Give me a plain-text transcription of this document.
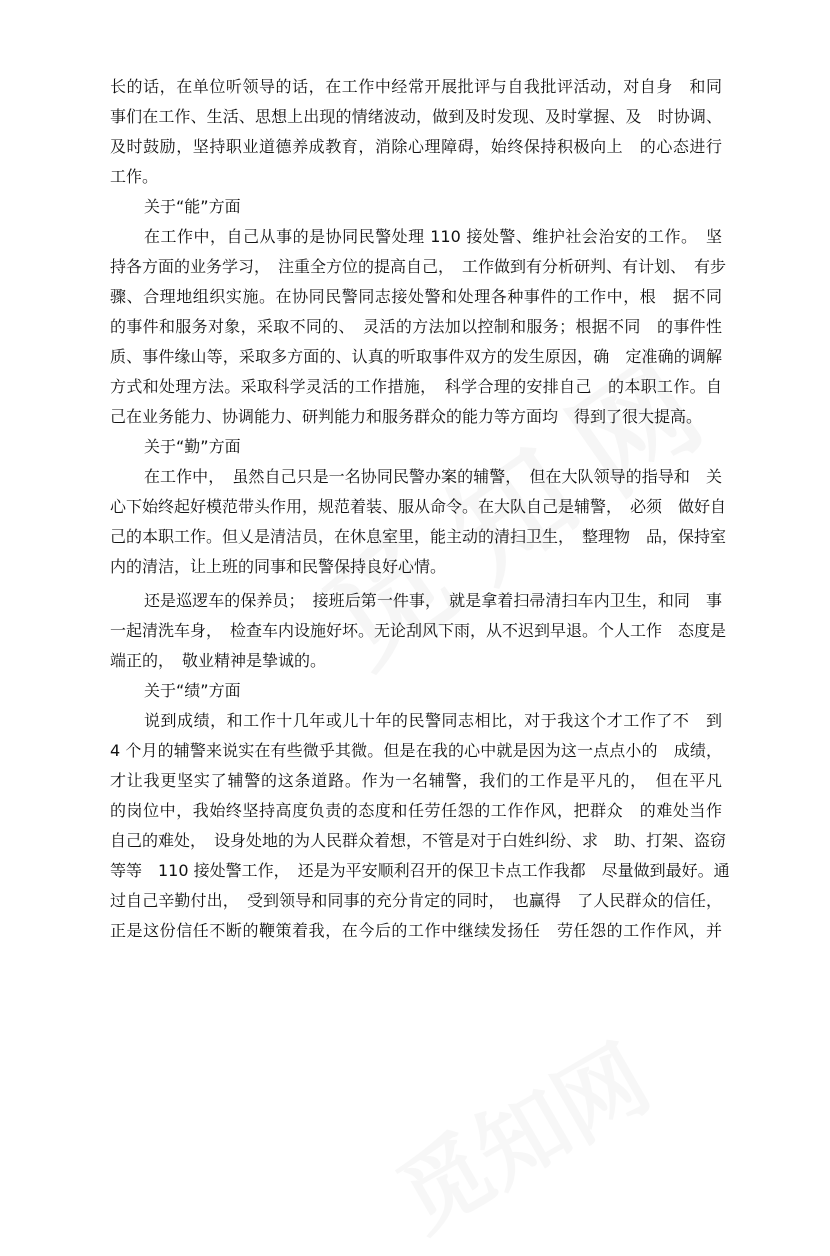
长的话，在单位听领导的话，在工作中经常开展批评与自我批评活动，对自身　和同
事们在工作、生活、思想上出现的情绪波动，做到及时发现、及时掌握、及　时协调、
及时鼓励，坚持职业道德养成教育，消除心理障碍，始终保持积极向上　的心态进行
工作。
关于“能”方面
在工作中，自己从事的是协同民警处理 110 接处警、维护社会治安的工作。　坚
持各方面的业务学习，　注重全方位的提高自己，　工作做到有分析研判、有计划、　有步
骤、合理地组织实施。在协同民警同志接处警和处理各种事件的工作中，根　据不同
的事件和服务对象，采取不同的、　灵活的方法加以控制和服务；根据不同　的事件性
质、事件缘山等，采取多方面的、认真的听取事件双方的发生原因，确　定准确的调解
方式和处理方法。采取科学灵活的工作措施，　科学合理的安排自己　的本职工作。自
己在业务能力、协调能力、研判能力和服务群众的能力等方面均　得到了很大提高。
关于“勤”方面
在工作中，　虽然自己只是一名协同民警办案的辅警，　但在大队领导的指导和　关
心下始终起好模范带头作用，规范着装、服从命令。在大队自己是辅警，　必须　做好自
己的本职工作。但乂是清洁员，在休息室里，能主动的清扫卫生，　整理物　品，保持室
内的清洁，让上班的同事和民警保持良好心情。
还是巡逻车的保养员；　接班后第一件事，　就是拿着扫帚清扫车内卫生，和同　事
一起清洗车身，　检查车内设施好坏。无论刮风下雨，从不迟到早退。个人工作　态度是
端正的，　敬业精神是挚诚的。
关于“绩”方面
说到成绩，和工作十几年或儿十年的民警同志相比，对于我这个才工作了不　到
4 个月的辅警来说实在有些微乎其微。但是在我的心中就是因为这一点点小的　成绩，
才让我更坚实了辅警的这条道路。作为一名辅警，我们的工作是平凡的，　但在平凡
的岗位中，我始终坚持高度负责的态度和任劳任怨的工作作风，把群众　的难处当作
自己的难处，　设身处地的为人民群众着想，不管是对于白姓纠纷、求　助、打架、盗窃
等等　110 接处警工作，　还是为平安顺利召开的保卫卡点工作我都　尽量做到最好。通
过自己辛勤付出，　受到领导和同事的充分肯定的同时，　也赢得　了人民群众的信任，
正是这份信任不断的鞭策着我，在今后的工作中继续发扬任　劳任怨的工作作风，并
